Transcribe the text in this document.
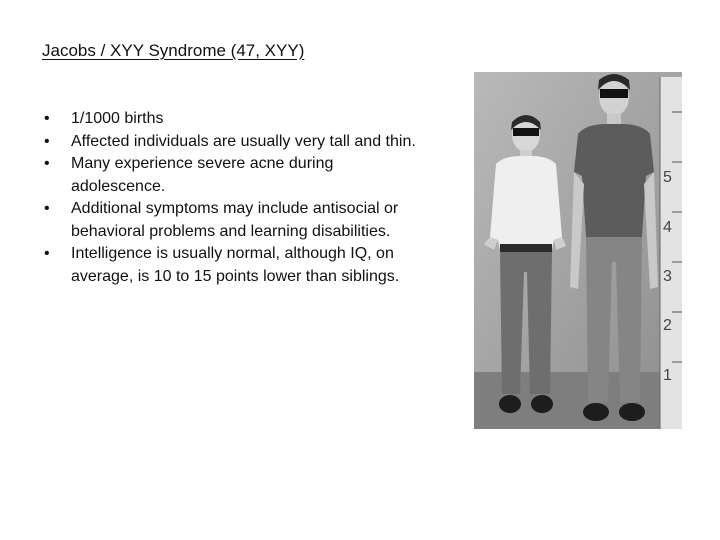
Jacobs / XYY Syndrome (47, XYY)
• 1/1000 births
• Affected individuals are usually very tall and thin.
• Many experience severe acne during adolescence.
• Additional symptoms may include antisocial or behavioral problems and learning disabilities.
• Intelligence is usually normal, although IQ, on average, is 10 to 15 points lower than siblings.
5
4
3
2
1
